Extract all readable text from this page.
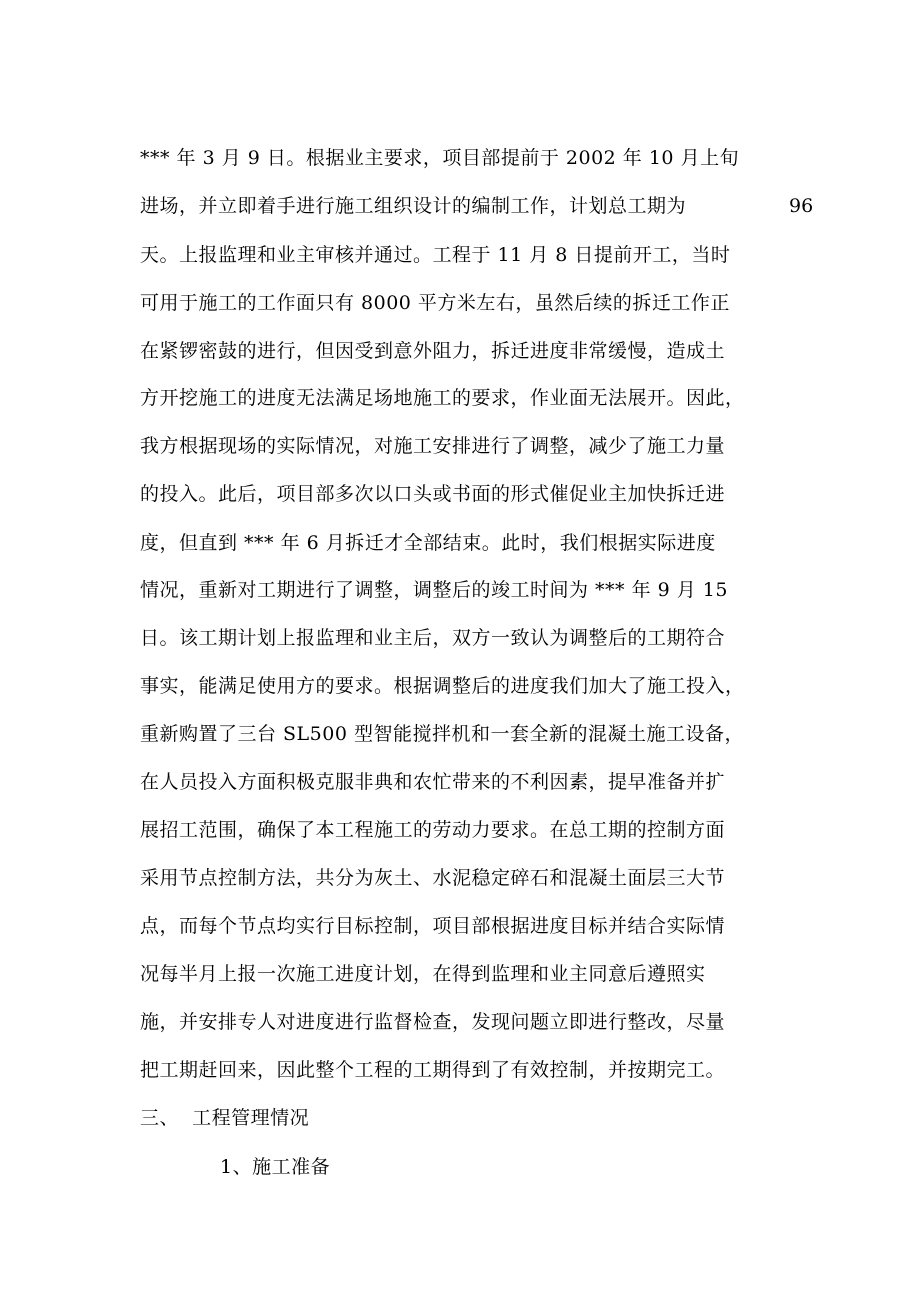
*** 年 3 月 9 日。根据业主要求，项目部提前于 2002 年 10 月上旬
进场，并立即着手进行施工组织设计的编制工作，计划总工期为	96
天。上报监理和业主审核并通过。工程于 11 月 8 日提前开工，当时
可用于施工的工作面只有 8000 平方米左右，虽然后续的拆迁工作正
在紧锣密鼓的进行，但因受到意外阻力，拆迁进度非常缓慢，造成土
方开挖施工的进度无法满足场地施工的要求，作业面无法展开。因此，
我方根据现场的实际情况，对施工安排进行了调整，减少了施工力量
的投入。此后，项目部多次以口头或书面的形式催促业主加快拆迁进
度，但直到 *** 年 6 月拆迁才全部结束。此时，我们根据实际进度
情况，重新对工期进行了调整，调整后的竣工时间为 *** 年 9 月 15
日。该工期计划上报监理和业主后，双方一致认为调整后的工期符合
事实，能满足使用方的要求。根据调整后的进度我们加大了施工投入，
重新购置了三台 SL500 型智能搅拌机和一套全新的混凝土施工设备，
在人员投入方面积极克服非典和农忙带来的不利因素，提早准备并扩
展招工范围，确保了本工程施工的劳动力要求。在总工期的控制方面
采用节点控制方法，共分为灰土、水泥稳定碎石和混凝土面层三大节
点，而每个节点均实行目标控制，项目部根据进度目标并结合实际情
况每半月上报一次施工进度计划，在得到监理和业主同意后遵照实
施，并安排专人对进度进行监督检查，发现问题立即进行整改，尽量
把工期赶回来，因此整个工程的工期得到了有效控制，并按期完工。
三、  工程管理情况
1、施工准备
